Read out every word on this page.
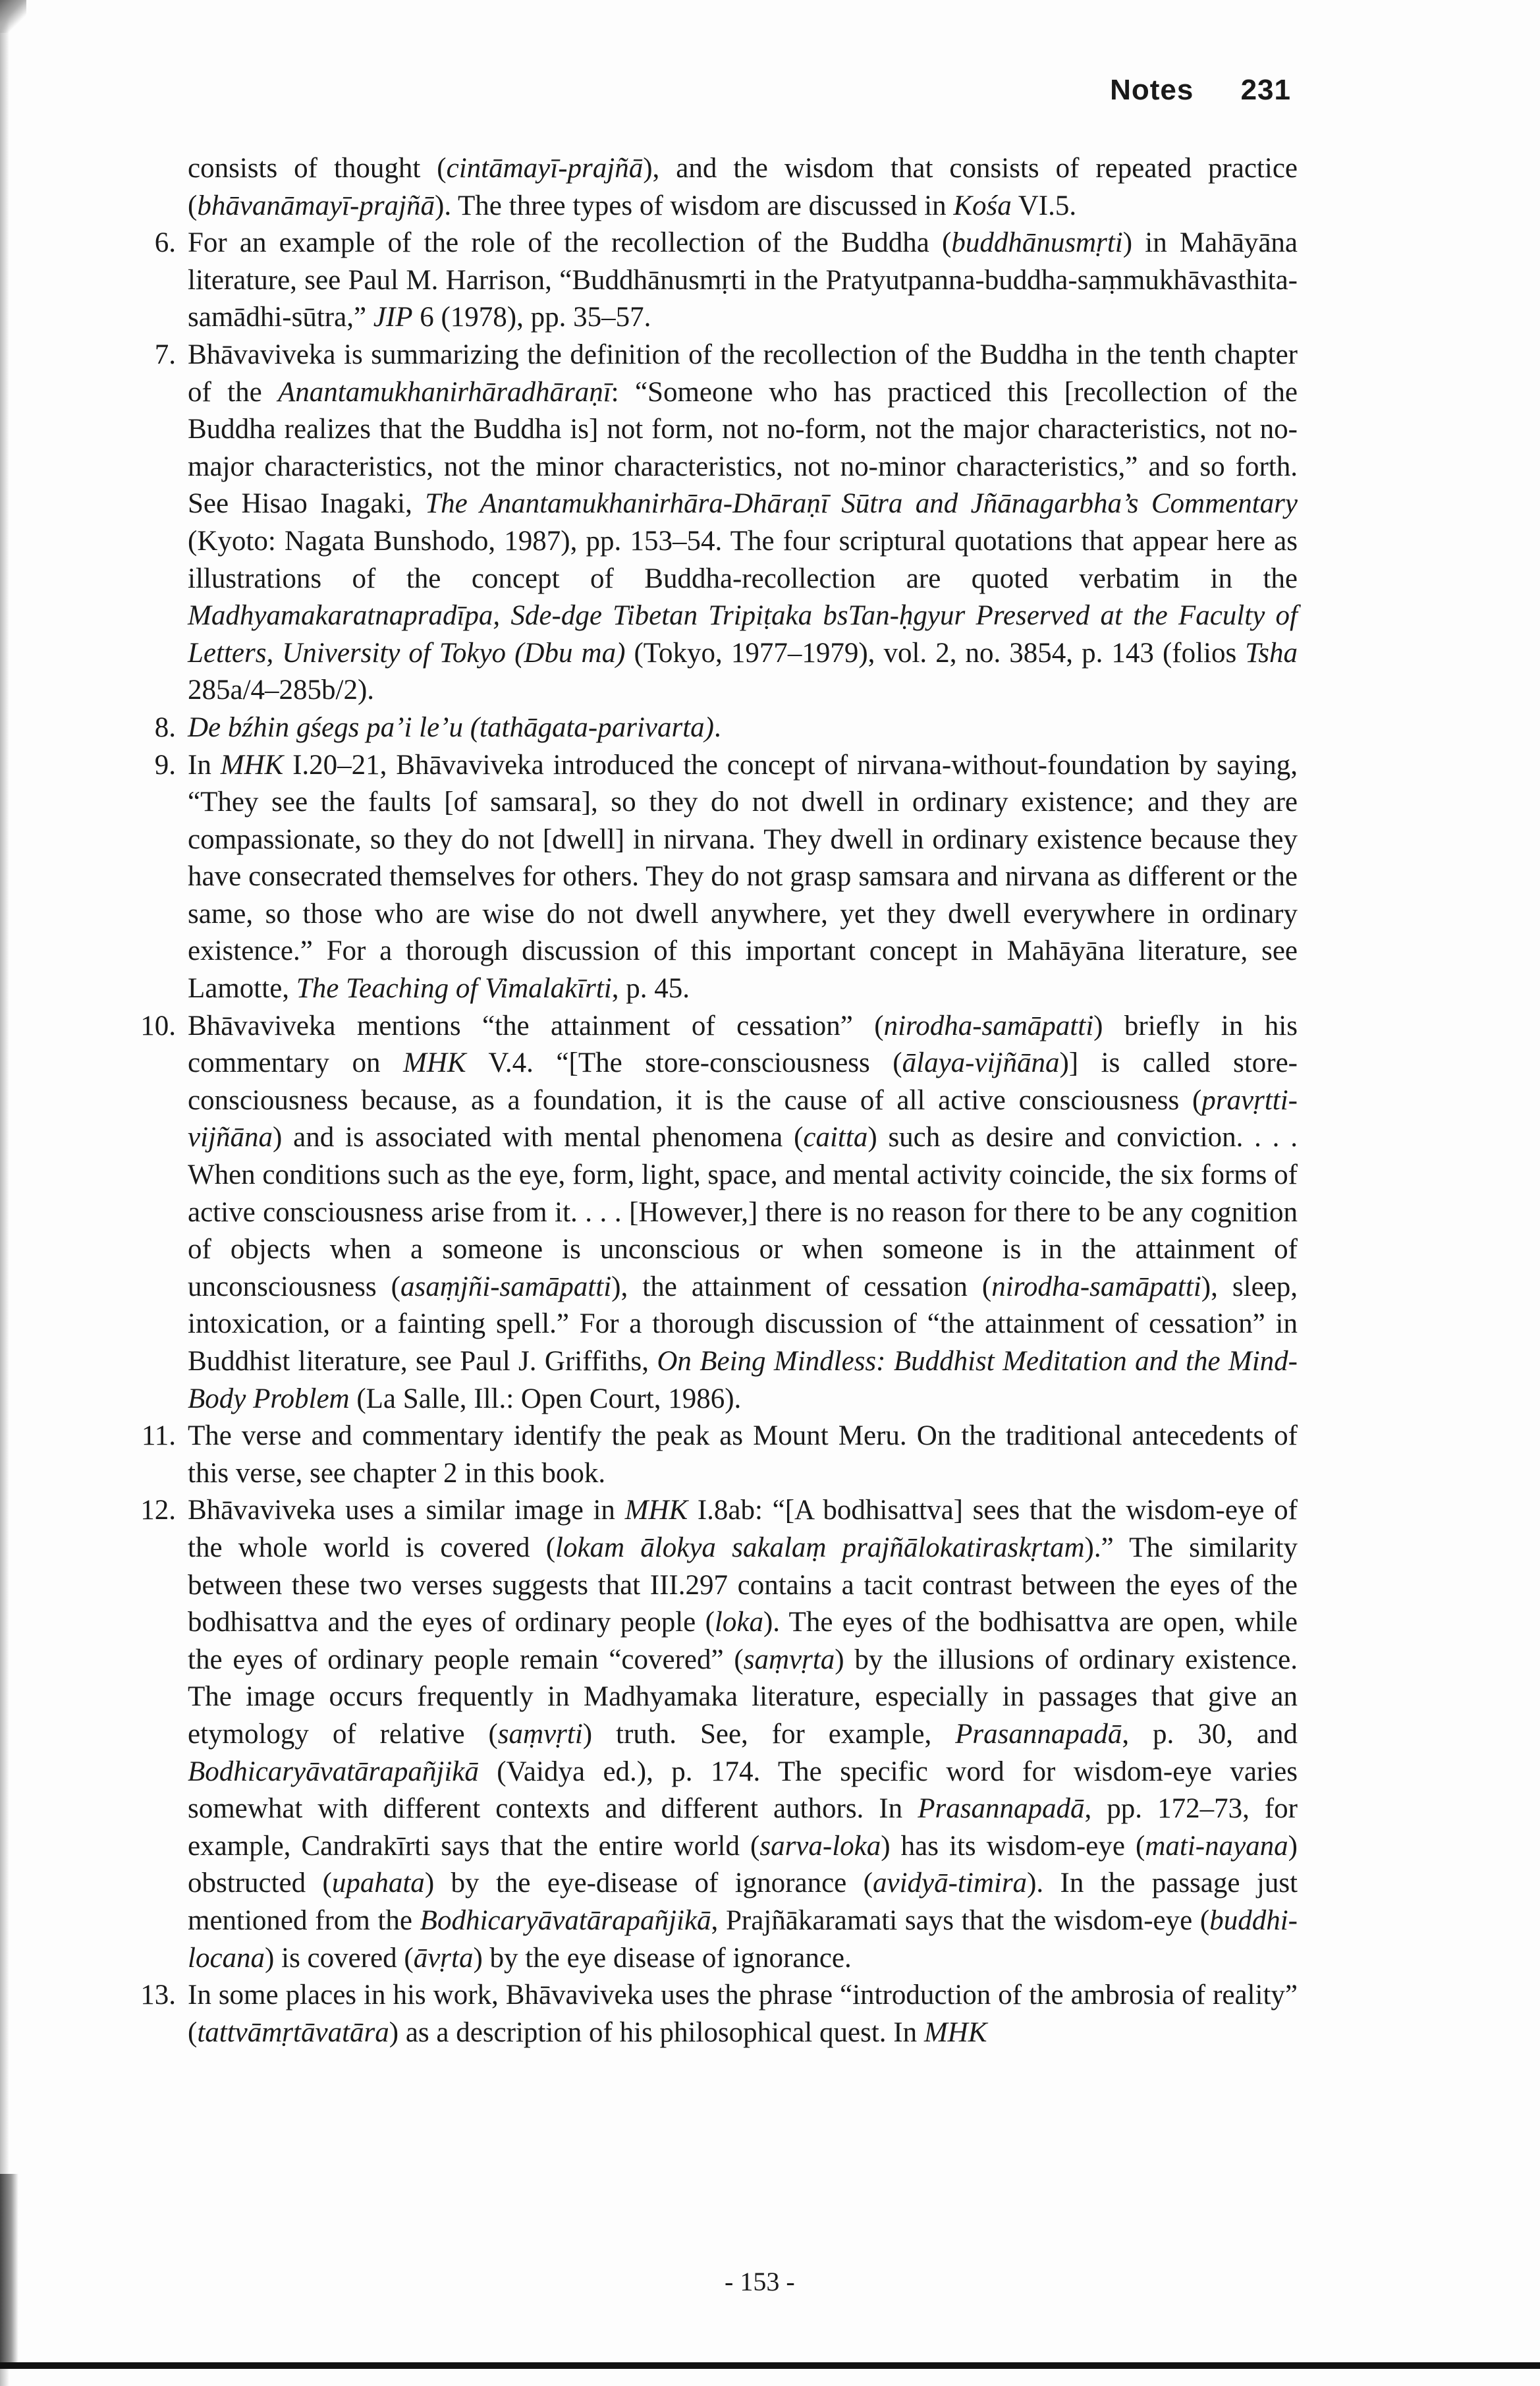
Notes 231
consists of thought (cintāmayī-prajñā), and the wisdom that consists of repeated practice (bhāvanāmayī-prajñā). The three types of wisdom are discussed in Kośa VI.5.
6. For an example of the role of the recollection of the Buddha (buddhānusmṛti) in Mahāyāna literature, see Paul M. Harrison, “Buddhānusmṛti in the Pratyutpanna-buddha-saṃmukhāvasthita-samādhi-sūtra,” JIP 6 (1978), pp. 35–57.
7. Bhāvaviveka is summarizing the definition of the recollection of the Buddha in the tenth chapter of the Anantamukhanirhāradhāraṇī: “Someone who has practiced this [recollection of the Buddha realizes that the Buddha is] not form, not no-form, not the major characteristics, not no-major characteristics, not the minor characteristics, not no-minor characteristics,” and so forth. See Hisao Inagaki, The Anantamukhanirhāra-Dhāraṇī Sūtra and Jñānagarbha’s Commentary (Kyoto: Nagata Bunshodo, 1987), pp. 153–54. The four scriptural quotations that appear here as illustrations of the concept of Buddha-recollection are quoted verbatim in the Madhyamakaratnapradīpa, Sde-dge Tibetan Tripiṭaka bsTan-ḥgyur Preserved at the Faculty of Letters, University of Tokyo (Dbu ma) (Tokyo, 1977–1979), vol. 2, no. 3854, p. 143 (folios Tsha 285a/4–285b/2).
8. De bźhin gśegs pa’i le’u (tathāgata-parivarta).
9. In MHK I.20–21, Bhāvaviveka introduced the concept of nirvana-without-foundation by saying, “They see the faults [of samsara], so they do not dwell in ordinary existence; and they are compassionate, so they do not [dwell] in nirvana. They dwell in ordinary existence because they have consecrated themselves for others. They do not grasp samsara and nirvana as different or the same, so those who are wise do not dwell anywhere, yet they dwell everywhere in ordinary existence.” For a thorough discussion of this important concept in Mahāyāna literature, see Lamotte, The Teaching of Vimalakīrti, p. 45.
10. Bhāvaviveka mentions “the attainment of cessation” (nirodha-samāpatti) briefly in his commentary on MHK V.4. “[The store-consciousness (ālaya-vijñāna)] is called store-consciousness because, as a foundation, it is the cause of all active consciousness (pravṛtti-vijñāna) and is associated with mental phenomena (caitta) such as desire and conviction. . . . When conditions such as the eye, form, light, space, and mental activity coincide, the six forms of active consciousness arise from it. . . . [However,] there is no reason for there to be any cognition of objects when a someone is unconscious or when someone is in the attainment of unconsciousness (asaṃjñi-samāpatti), the attainment of cessation (nirodha-samāpatti), sleep, intoxication, or a fainting spell.” For a thorough discussion of “the attainment of cessation” in Buddhist literature, see Paul J. Griffiths, On Being Mindless: Buddhist Meditation and the Mind-Body Problem (La Salle, Ill.: Open Court, 1986).
11. The verse and commentary identify the peak as Mount Meru. On the traditional antecedents of this verse, see chapter 2 in this book.
12. Bhāvaviveka uses a similar image in MHK I.8ab: “[A bodhisattva] sees that the wisdom-eye of the whole world is covered (lokam ālokya sakalaṃ prajñālokatiraskṛtam).” The similarity between these two verses suggests that III.297 contains a tacit contrast between the eyes of the bodhisattva and the eyes of ordinary people (loka). The eyes of the bodhisattva are open, while the eyes of ordinary people remain “covered” (saṃvṛta) by the illusions of ordinary existence. The image occurs frequently in Madhyamaka literature, especially in passages that give an etymology of relative (saṃvṛti) truth. See, for example, Prasannapadā, p. 30, and Bodhicaryāvatārapañjikā (Vaidya ed.), p. 174. The specific word for wisdom-eye varies somewhat with different contexts and different authors. In Prasannapadā, pp. 172–73, for example, Candrakīrti says that the entire world (sarva-loka) has its wisdom-eye (mati-nayana) obstructed (upahata) by the eye-disease of ignorance (avidyā-timira). In the passage just mentioned from the Bodhicaryāvatārapañjikā, Prajñākaramati says that the wisdom-eye (buddhi-locana) is covered (āvṛta) by the eye disease of ignorance.
13. In some places in his work, Bhāvaviveka uses the phrase “introduction of the ambrosia of reality” (tattvāmṛtāvatāra) as a description of his philosophical quest. In MHK
- 153 -
